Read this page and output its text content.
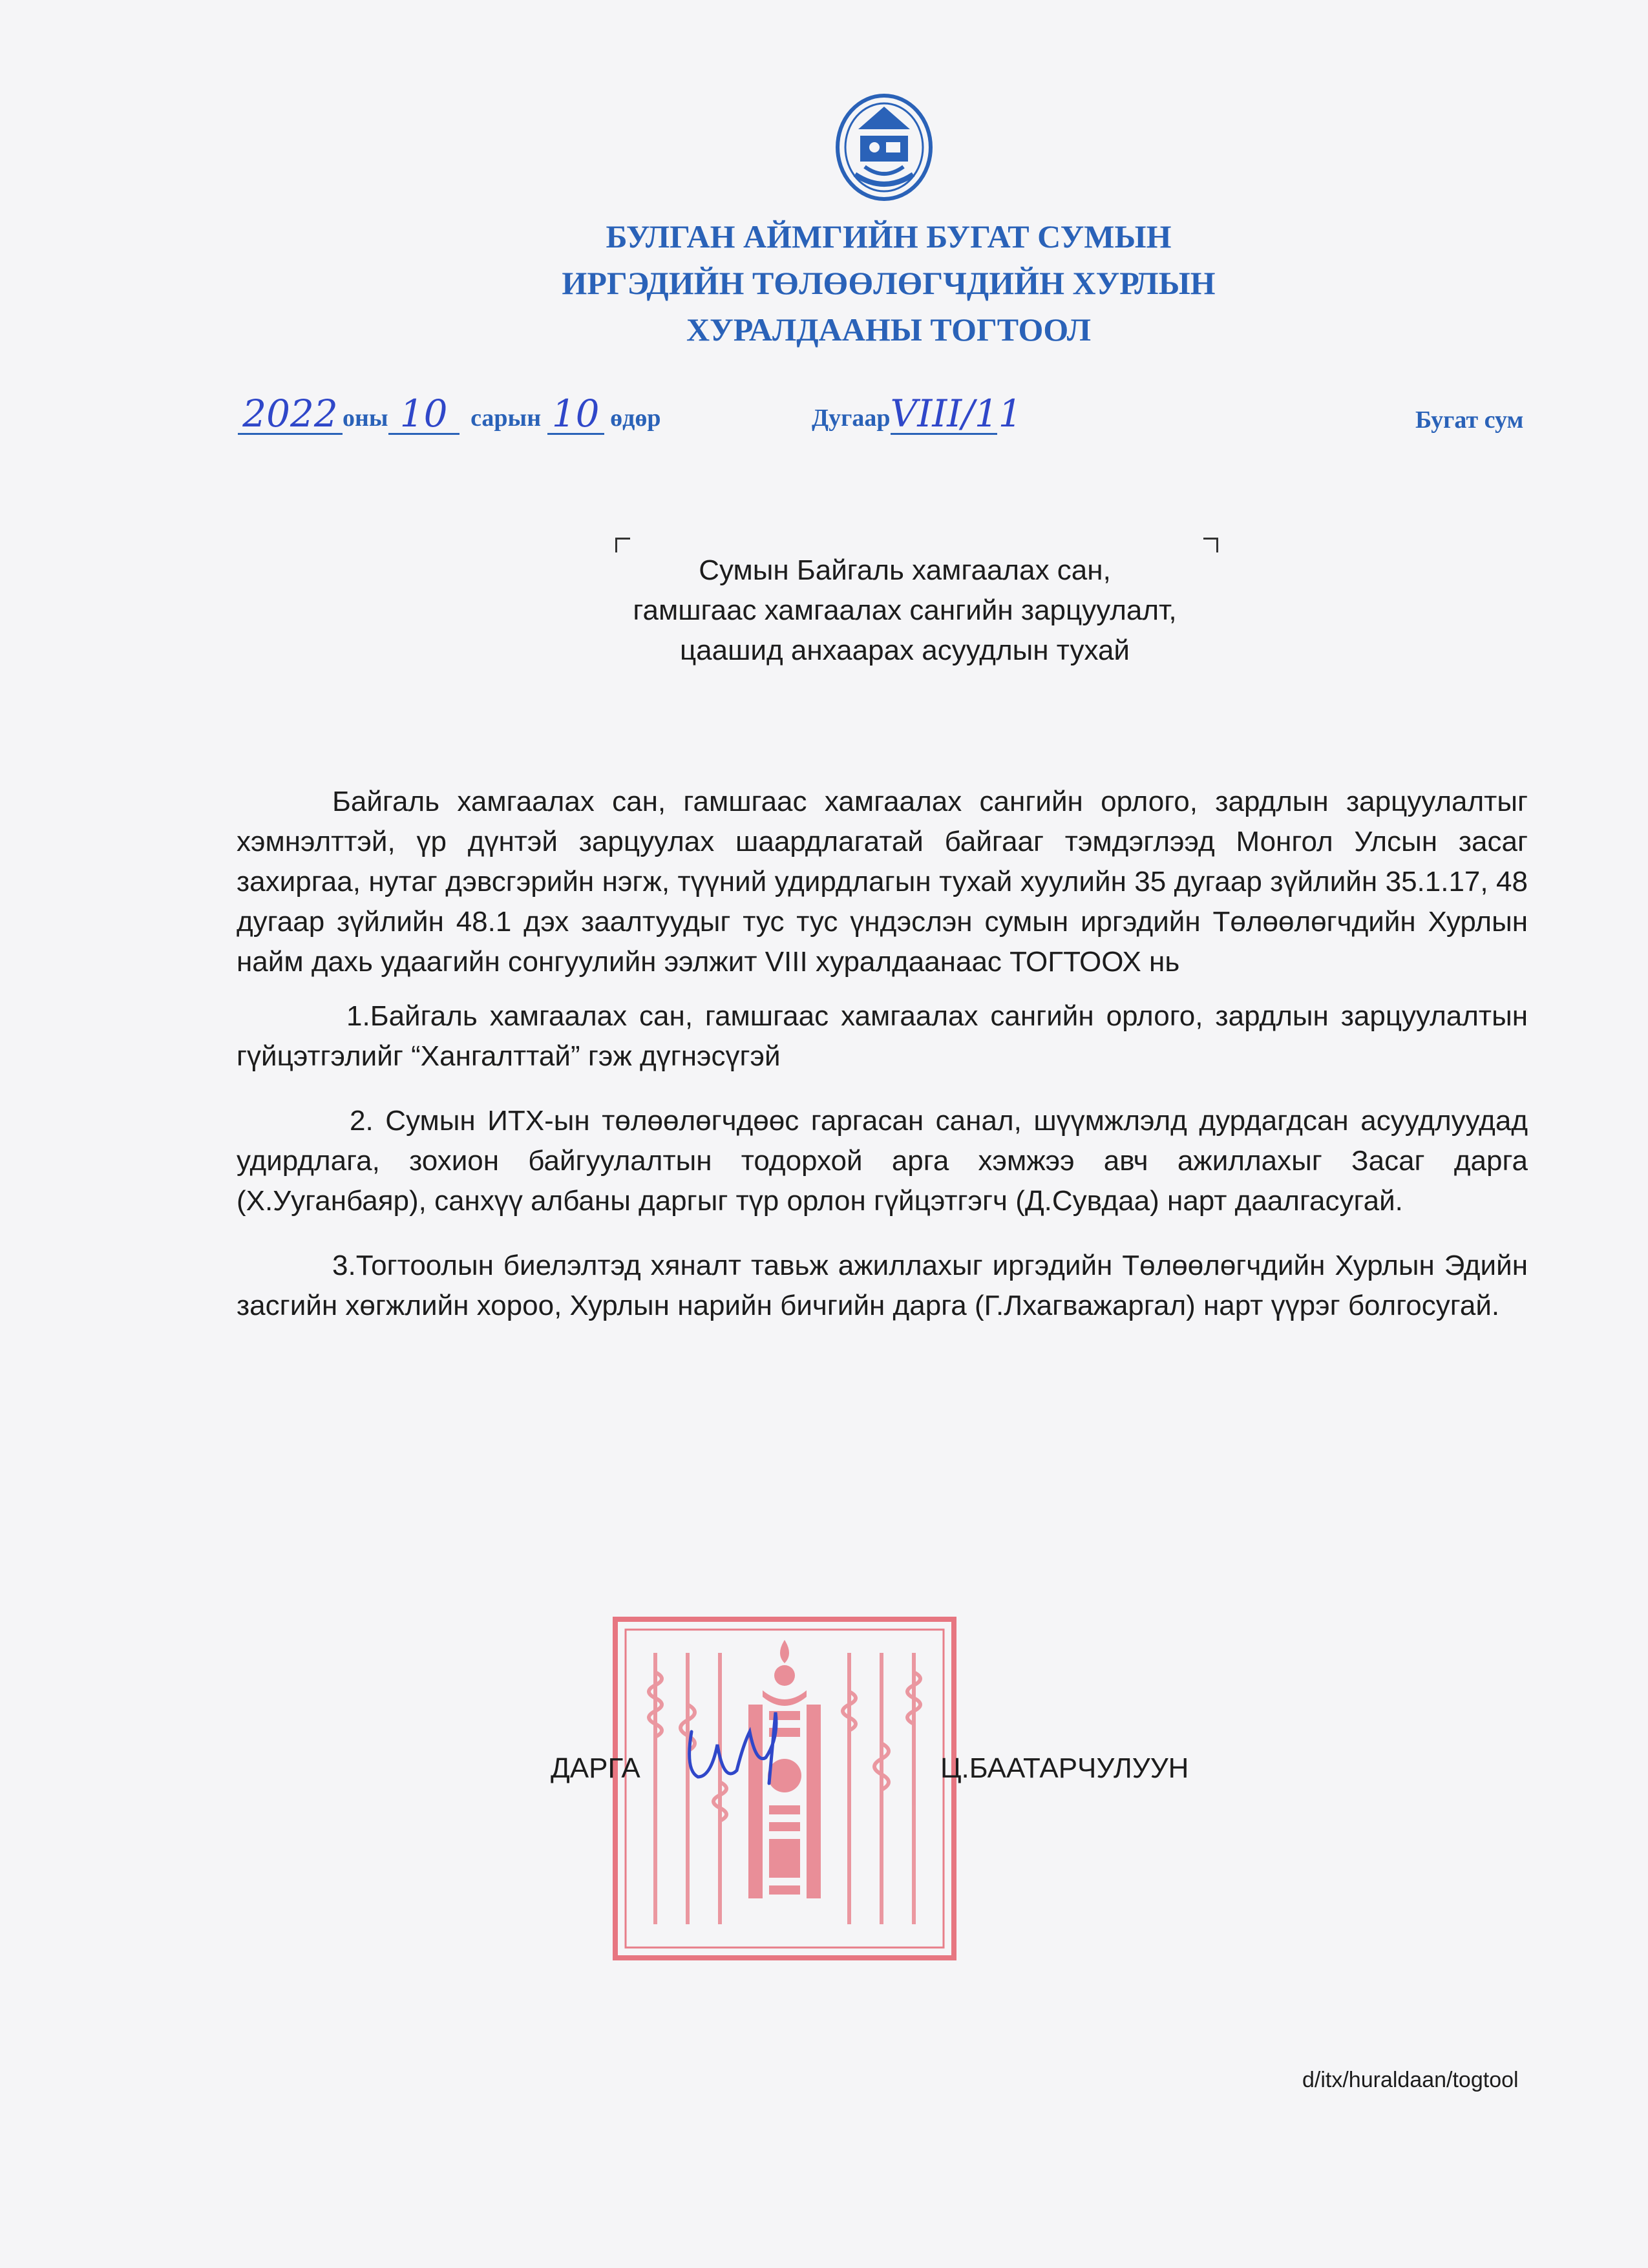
БУЛГАН АЙМГИЙН БУГАТ СУМЫН
ИРГЭДИЙН ТӨЛӨӨЛӨГЧДИЙН ХУРЛЫН
ХУРАЛДААНЫ ТОГТООЛ
2022 оны 10 сарын 10 өдөр	ДугаарVIII/11	Бугат сум
Сумын Байгаль хамгаалах сан,
гамшгаас хамгаалах сангийн зарцуулалт,
цаашид анхаарах асуудлын тухай

Байгаль хамгаалах сан, гамшгаас хамгаалах сангийн орлого, зардлын зарцуулалтыг хэмнэлттэй, үр дүнтэй зарцуулах шаардлагатай байгааг тэмдэглээд Монгол Улсын засаг захиргаа, нутаг дэвсгэрийн нэгж, түүний удирдлагын тухай хуулийн 35 дугаар зүйлийн 35.1.17, 48 дугаар зүйлийн 48.1 дэх заалтуудыг тус тус үндэслэн сумын иргэдийн Төлөөлөгчдийн Хурлын найм дахь удаагийн сонгуулийн ээлжит VIII хуралдаанаас ТОГТООХ нь

1.Байгаль хамгаалах сан, гамшгаас хамгаалах сангийн орлого, зардлын зарцуулалтын гүйцэтгэлийг “Хангалттай” гэж дүгнэсүгэй

2. Сумын ИТХ-ын төлөөлөгчдөөс гаргасан санал, шүүмжлэлд дурдагдсан асуудлуудад удирдлага, зохион байгуулалтын тодорхой арга хэмжээ авч ажиллахыг Засаг дарга (Х.Ууганбаяр), санхүү албаны даргыг түр орлон гүйцэтгэгч (Д.Сувдаа) нарт даалгасугай.

3.Тогтоолын биелэлтэд хяналт тавьж ажиллахыг иргэдийн Төлөөлөгчдийн Хурлын Эдийн засгийн хөгжлийн хороо, Хурлын нарийн бичгийн дарга (Г.Лхагважаргал) нарт үүрэг болгосугай.

ДАРГА	Ц.БААТАРЧУЛУУН
d/itx/huraldaan/togtool
